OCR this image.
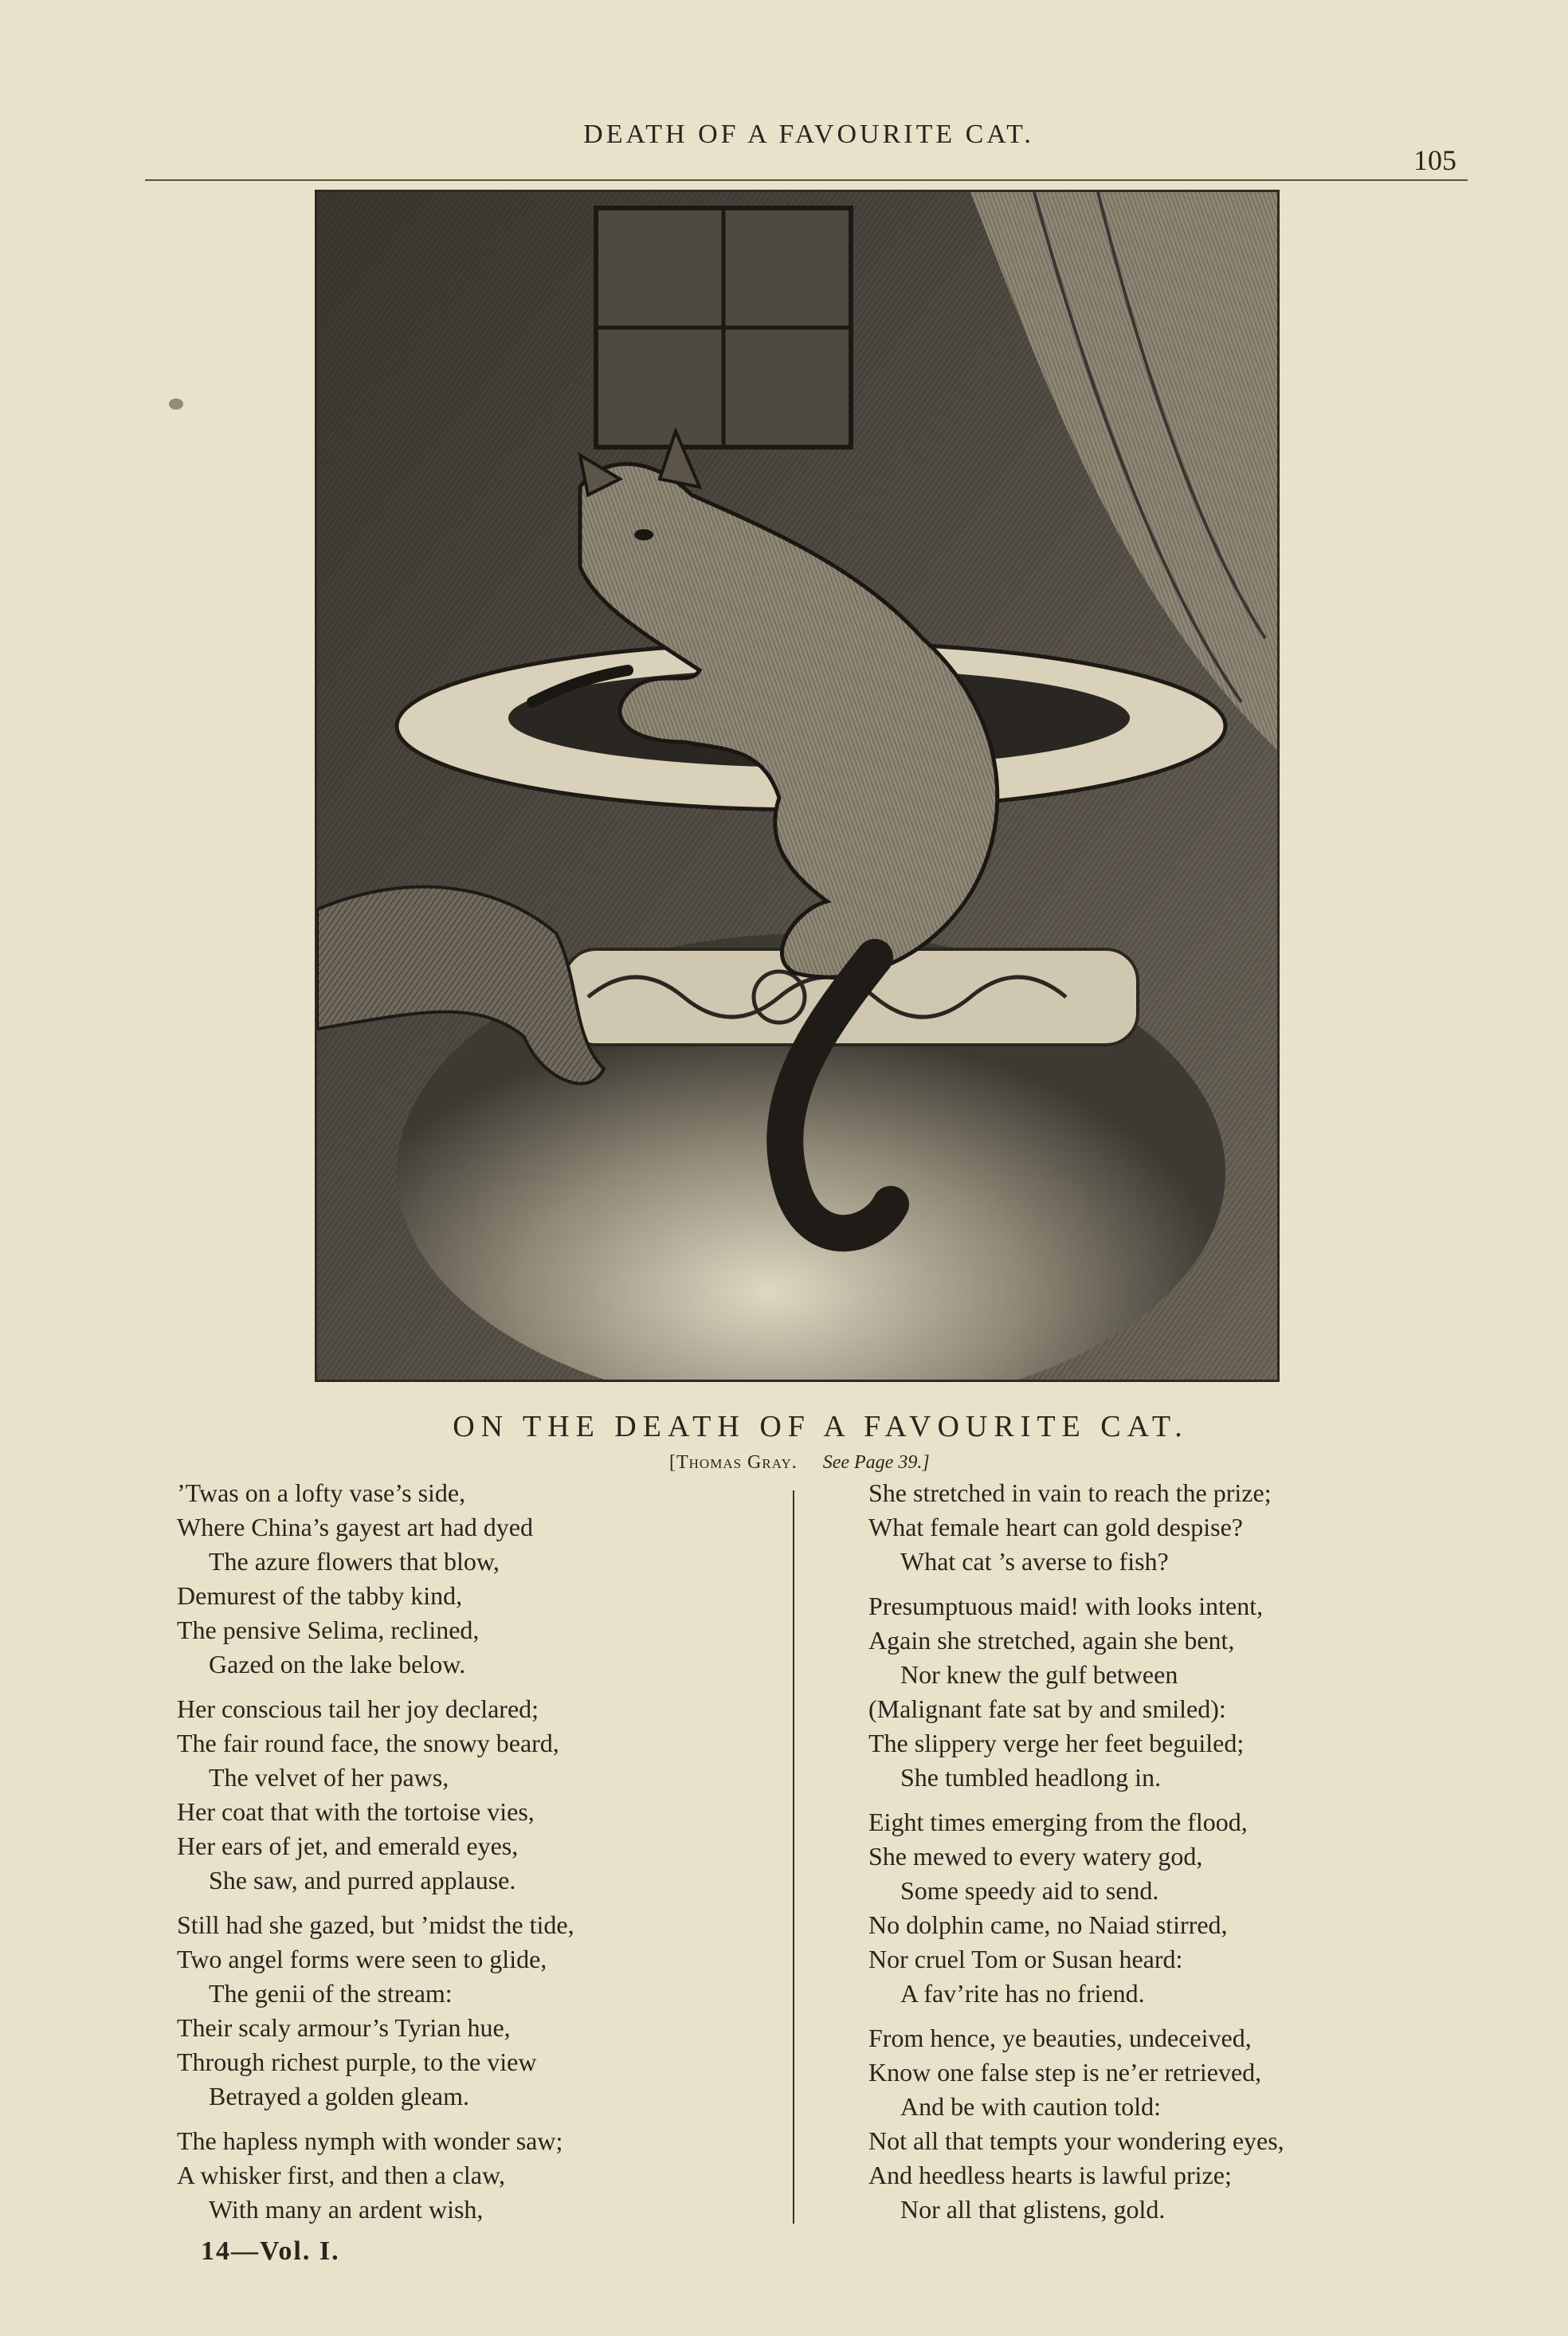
DEATH OF A FAVOURITE CAT.
105
ON THE DEATH OF A FAVOURITE CAT.
[Thomas Gray. See Page 39.]
’Twas on a lofty vase’s side,
Where China’s gayest art had dyed
The azure flowers that blow,
Demurest of the tabby kind,
The pensive Selima, reclined,
Gazed on the lake below.
Her conscious tail her joy declared;
The fair round face, the snowy beard,
The velvet of her paws,
Her coat that with the tortoise vies,
Her ears of jet, and emerald eyes,
She saw, and purred applause.
Still had she gazed, but ’midst the tide,
Two angel forms were seen to glide,
The genii of the stream:
Their scaly armour’s Tyrian hue,
Through richest purple, to the view
Betrayed a golden gleam.
The hapless nymph with wonder saw;
A whisker first, and then a claw,
With many an ardent wish,
She stretched in vain to reach the prize;
What female heart can gold despise?
What cat ’s averse to fish?
Presumptuous maid! with looks intent,
Again she stretched, again she bent,
Nor knew the gulf between
(Malignant fate sat by and smiled):
The slippery verge her feet beguiled;
She tumbled headlong in.
Eight times emerging from the flood,
She mewed to every watery god,
Some speedy aid to send.
No dolphin came, no Naiad stirred,
Nor cruel Tom or Susan heard:
A fav’rite has no friend.
From hence, ye beauties, undeceived,
Know one false step is ne’er retrieved,
And be with caution told:
Not all that tempts your wondering eyes,
And heedless hearts is lawful prize;
Nor all that glistens, gold.
14—Vol. I.
